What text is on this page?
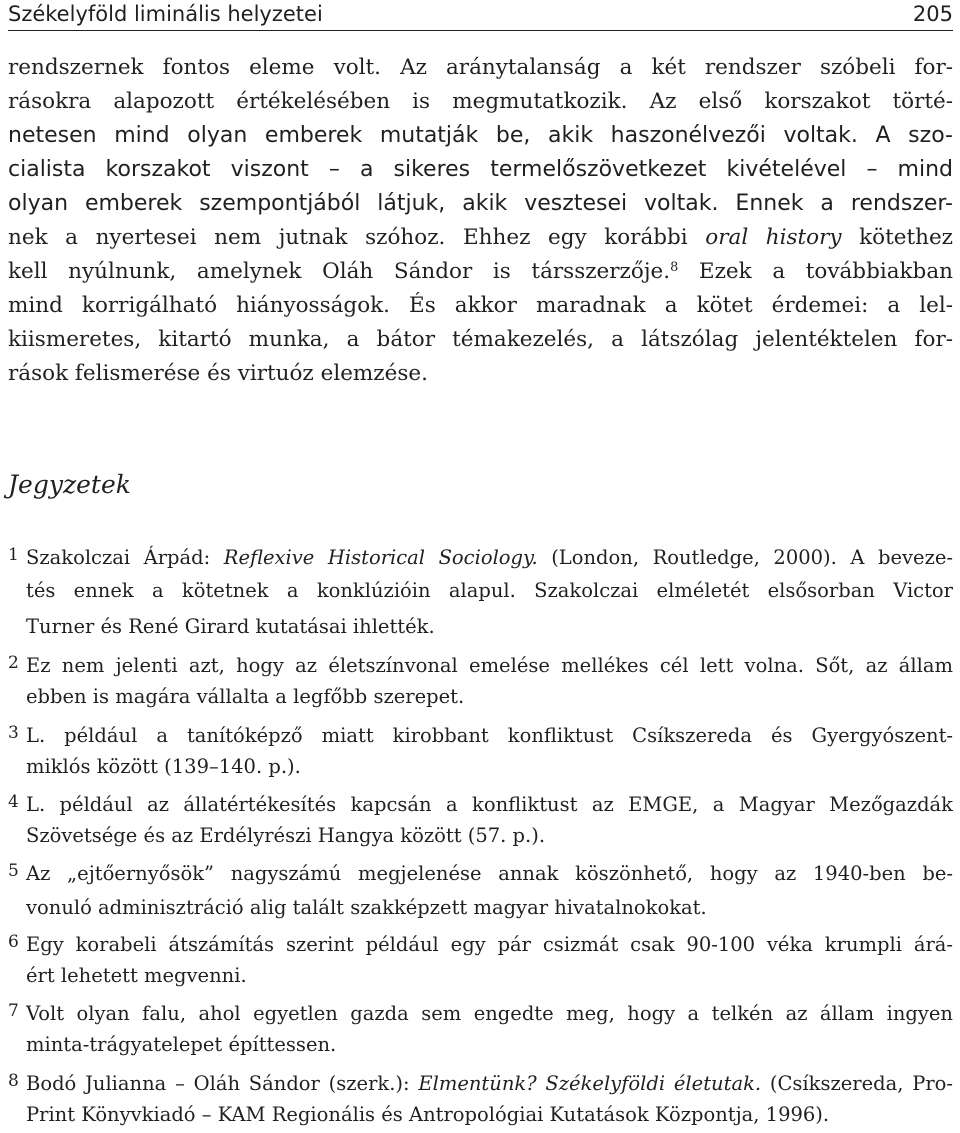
Székelyföld liminális helyzetei	205
rendszernek fontos eleme volt. Az aránytalanság a két rendszer szóbeli for-
rásokra alapozott értékelésében is megmutatkozik. Az első korszakot törté-
netesen mind olyan emberek mutatják be, akik haszonélvezői voltak. A szo-
cialista korszakot viszont – a sikeres termelőszövetkezet kivételével – mind
olyan emberek szempontjából látjuk, akik vesztesei voltak. Ennek a rendszer-
nek a nyertesei nem jutnak szóhoz. Ehhez egy korábbi oral history kötethez
kell nyúlnunk, amelynek Oláh Sándor is társszerzője.$^8$ Ezek a továbbiakban
mind korrigálható hiányosságok. És akkor maradnak a kötet érdemei: a lel-
kiismeretes, kitartó munka, a bátor témakezelés, a látszólag jelentéktelen for-
rások felismerése és virtuóz elemzése.
Jegyzetek
1 Szakolczai Árpád: Reflexive Historical Sociology. (London, Routledge, 2000). A beveze-
tés ennek a kötetnek a konklúzióin alapul. Szakolczai elméletét elsősorban Victor
Turner és René Girard kutatásai ihlették.
2 Ez nem jelenti azt, hogy az életszínvonal emelése mellékes cél lett volna. Sőt, az állam
ebben is magára vállalta a legfőbb szerepet.
3 L. például a tanítóképző miatt kirobbant konfliktust Csíkszereda és Gyergyószent-
miklós között (139–140. p.).
4 L. például az állatértékesítés kapcsán a konfliktust az EMGE, a Magyar Mezőgazdák
Szövetsége és az Erdélyrészi Hangya között (57. p.).
5 Az „ejtőernyősök” nagyszámú megjelenése annak köszönhető, hogy az 1940-ben be-
vonuló adminisztráció alig talált szakképzett magyar hivatalnokokat.
6 Egy korabeli átszámítás szerint például egy pár csizmát csak 90-100 véka krumpli árá-
ért lehetett megvenni.
7 Volt olyan falu, ahol egyetlen gazda sem engedte meg, hogy a telkén az állam ingyen
minta-trágyatelepet építtessen.
8 Bodó Julianna – Oláh Sándor (szerk.): Elmentünk? Székelyföldi életutak. (Csíkszereda, Pro-
Print Könyvkiadó – KAM Regionális és Antropológiai Kutatások Központja, 1996).
